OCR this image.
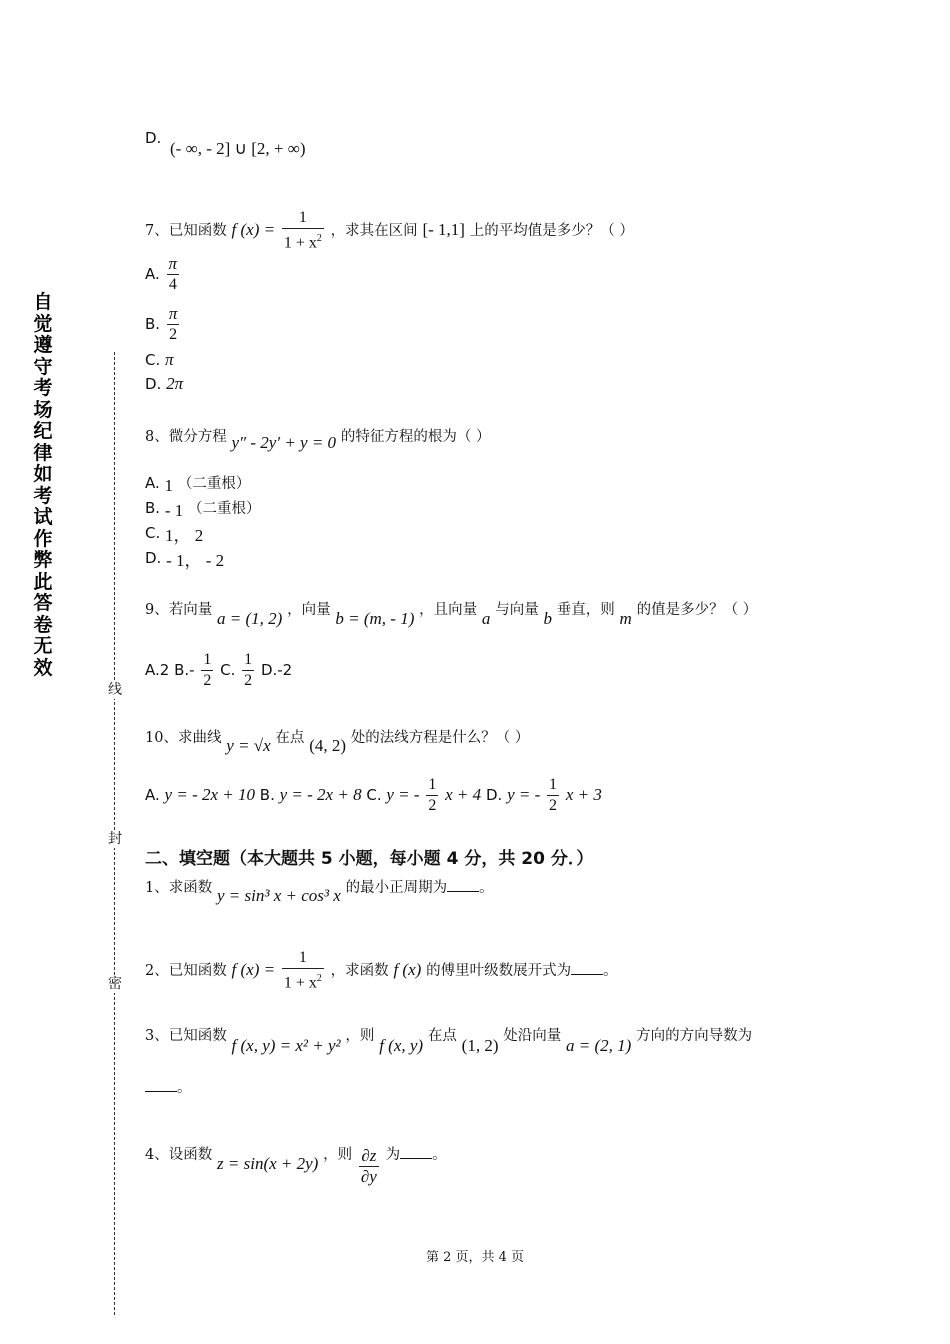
自觉遵守考场纪律如考试作弊此答卷无效
线
封
密
D.
(- ∞, - 2] ∪ [2, + ∞)
7、已知函数 f $(x) = \frac{1}{1 + x^2}$ ，求其在区间 [- 1,1] 上的平均值是多少？（ ）
A. $\frac{\pi}{4}$
B. $\frac{\pi}{2}$
C. π
D. 2π
8、微分方程 y″ - 2y′ + y = 0 的特征方程的根为（ ）
A. 1 （二重根）
B. - 1 （二重根）
C. 1， 2
D. - 1， - 2
9、若向量 a = (1, 2) ，向量 b = (m, - 1) ，且向量 a 与向量 b 垂直，则 m 的值是多少？（ ）
A.2 $B.- \frac{1}{2} C$. $\frac{1}{2} D.-2$
10、求曲线 y = √x 在点 (4, 2) 处的法线方程是什么？（ ）
A. y = - 2x + 10 B. y = - 2x + 8 C. y = - $\frac{1}{2}$ x + 4 D. y = - $\frac{1}{2}$ x + 3
二、填空题（本大题共 5 小题，每小题 4 分，共 20 分．）
1、求函数 y = sin³ x + cos³ x 的最小正周期为 。
2、已知函数 f $(x) = \frac{1}{1 + x^2}$ ，求函数 f (x) 的傅里叶级数展开式为 。
3、已知函数 f (x, y) = x² + y² ，则 f (x, y) 在点 (1, 2) 处沿向量 a = (2, 1) 方向的方向导数为
。
4、设函数 z = sin(x + 2y) ，则 $\frac{\partial z}{\partial y}$ 为 。
第 2 页，共 4 页
